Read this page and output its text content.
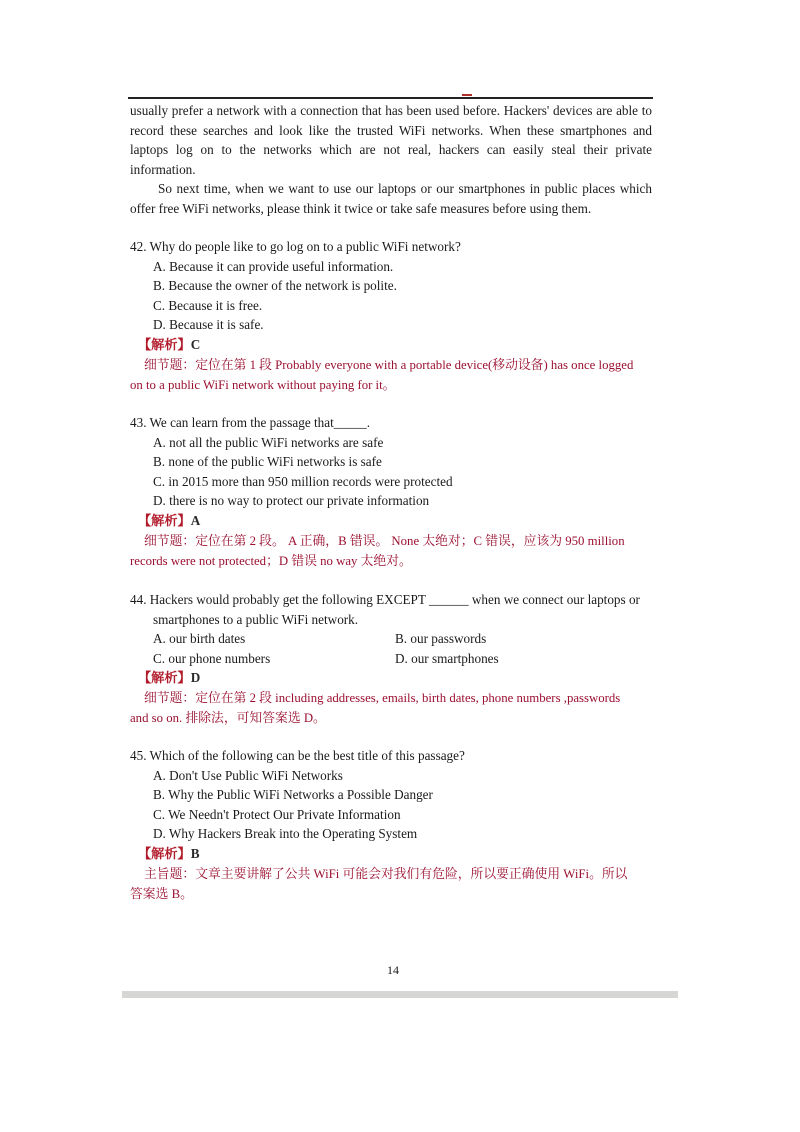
usually prefer a network with a connection that has been used before. Hackers' devices are able to record these searches and look like the trusted WiFi networks. When these smartphones and laptops log on to the networks which are not real, hackers can easily steal their private information.

So next time, when we want to use our laptops or our smartphones in public places which offer free WiFi networks, please think it twice or take safe measures before using them.

42. Why do people like to go log on to a public WiFi network?

A. Because it can provide useful information.

B. Because the owner of the network is polite.

C. Because it is free.

D. Because it is safe.

【解析】C

细节题：定位在第 1 段 Probably everyone with a portable device(移动设备) has once logged

on to a public WiFi network without paying for it。

43. We can learn from the passage that_____.

A. not all the public WiFi networks are safe

B. none of the public WiFi networks is safe

C. in 2015 more than 950 million records were protected

D. there is no way to protect our private information

【解析】A

细节题：定位在第 2 段。 A 正确，B 错误。 None 太绝对；C 错误，应该为 950 million

records were not protected；D 错误 no way 太绝对。

44. Hackers would probably get the following EXCEPT ______ when we connect our laptops or

smartphones to a public WiFi network.

A. our birth dates	B. our passwords
C. our phone numbers	D. our smartphones

【解析】D

细节题：定位在第 2 段 including addresses, emails, birth dates, phone numbers ,passwords

and so on. 排除法，可知答案选 D。

45. Which of the following can be the best title of this passage?

A. Don't Use Public WiFi Networks

B. Why the Public WiFi Networks a Possible Danger

C. We Needn't Protect Our Private Information

D. Why Hackers Break into the Operating System

【解析】B

主旨题：文章主要讲解了公共 WiFi 可能会对我们有危险，所以要正确使用 WiFi。所以

答案选 B。

14
